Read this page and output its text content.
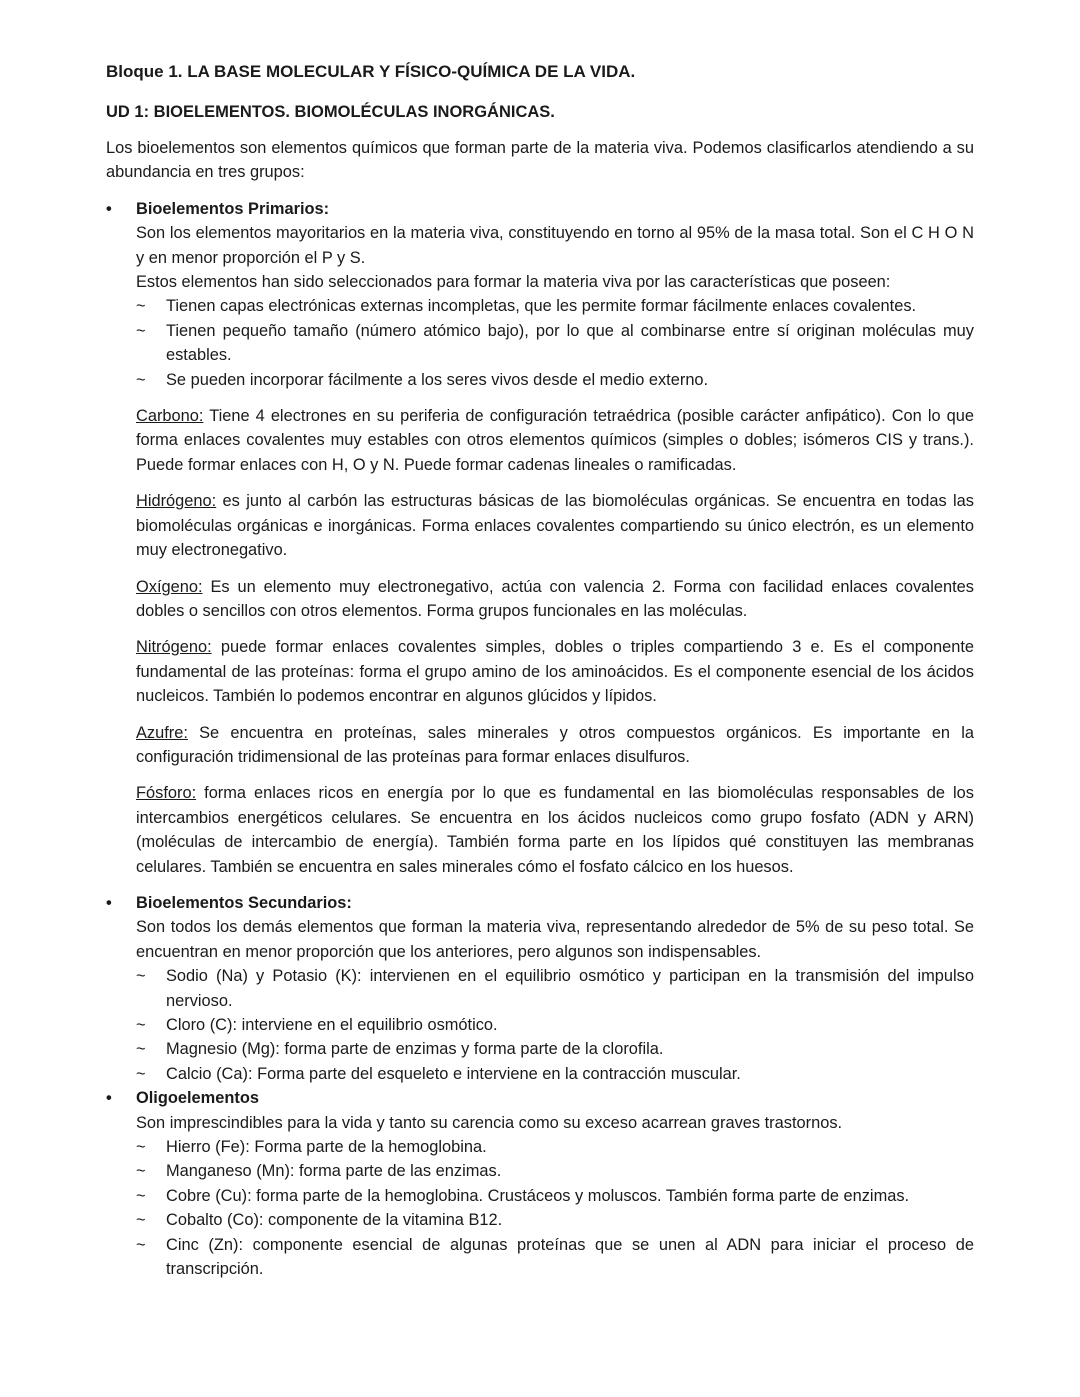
Bloque 1. LA BASE MOLECULAR Y FÍSICO-QUÍMICA DE LA VIDA.
UD 1: BIOELEMENTOS. BIOMOLÉCULAS INORGÁNICAS.

Los bioelementos son elementos químicos que forman parte de la materia viva. Podemos clasificarlos atendiendo a su abundancia en tres grupos:

•	Bioelementos Primarios:

Son los elementos mayoritarios en la materia viva, constituyendo en torno al 95% de la masa total. Son el C H O N y en menor proporción el P y S.

Estos elementos han sido seleccionados para formar la materia viva por las características que poseen:

~ Tienen capas electrónicas externas incompletas, que les permite formar fácilmente enlaces covalentes.
~ Tienen pequeño tamaño (número atómico bajo), por lo que al combinarse entre sí originan moléculas muy estables.
~ Se pueden incorporar fácilmente a los seres vivos desde el medio externo.

Carbono: Tiene 4 electrones en su periferia de configuración tetraédrica (posible carácter anfipático). Con lo que forma enlaces covalentes muy estables con otros elementos químicos (simples o dobles; isómeros CIS y trans.). Puede formar enlaces con H, O y N. Puede formar cadenas lineales o ramificadas.

Hidrógeno: es junto al carbón las estructuras básicas de las biomoléculas orgánicas. Se encuentra en todas las biomoléculas orgánicas e inorgánicas. Forma enlaces covalentes compartiendo su único electrón, es un elemento muy electronegativo.

Oxígeno: Es un elemento muy electronegativo, actúa con valencia 2. Forma con facilidad enlaces covalentes dobles o sencillos con otros elementos. Forma grupos funcionales en las moléculas.

Nitrógeno: puede formar enlaces covalentes simples, dobles o triples compartiendo 3 e. Es el componente fundamental de las proteínas: forma el grupo amino de los aminoácidos. Es el componente esencial de los ácidos nucleicos. También lo podemos encontrar en algunos glúcidos y lípidos.

Azufre: Se encuentra en proteínas, sales minerales y otros compuestos orgánicos. Es importante en la configuración tridimensional de las proteínas para formar enlaces disulfuros.

Fósforo: forma enlaces ricos en energía por lo que es fundamental en las biomoléculas responsables de los intercambios energéticos celulares. Se encuentra en los ácidos nucleicos como grupo fosfato (ADN y ARN) (moléculas de intercambio de energía). También forma parte en los lípidos qué constituyen las membranas celulares. También se encuentra en sales minerales cómo el fosfato cálcico en los huesos.

•	Bioelementos Secundarios:

Son todos los demás elementos que forman la materia viva, representando alrededor de 5% de su peso total. Se encuentran en menor proporción que los anteriores, pero algunos son indispensables.

~ Sodio (Na) y Potasio (K): intervienen en el equilibrio osmótico y participan en la transmisión del impulso nervioso.
~ Cloro (C): interviene en el equilibrio osmótico.
~ Magnesio (Mg): forma parte de enzimas y forma parte de la clorofila.
~ Calcio (Ca): Forma parte del esqueleto e interviene en la contracción muscular.
•	Oligoelementos

Son imprescindibles para la vida y tanto su carencia como su exceso acarrean graves trastornos.

~ Hierro (Fe): Forma parte de la hemoglobina.
~ Manganeso (Mn): forma parte de las enzimas.
~ Cobre (Cu): forma parte de la hemoglobina. Crustáceos y moluscos. También forma parte de enzimas.
~ Cobalto (Co): componente de la vitamina B12.
~ Cinc (Zn): componente esencial de algunas proteínas que se unen al ADN para iniciar el proceso de transcripción.
